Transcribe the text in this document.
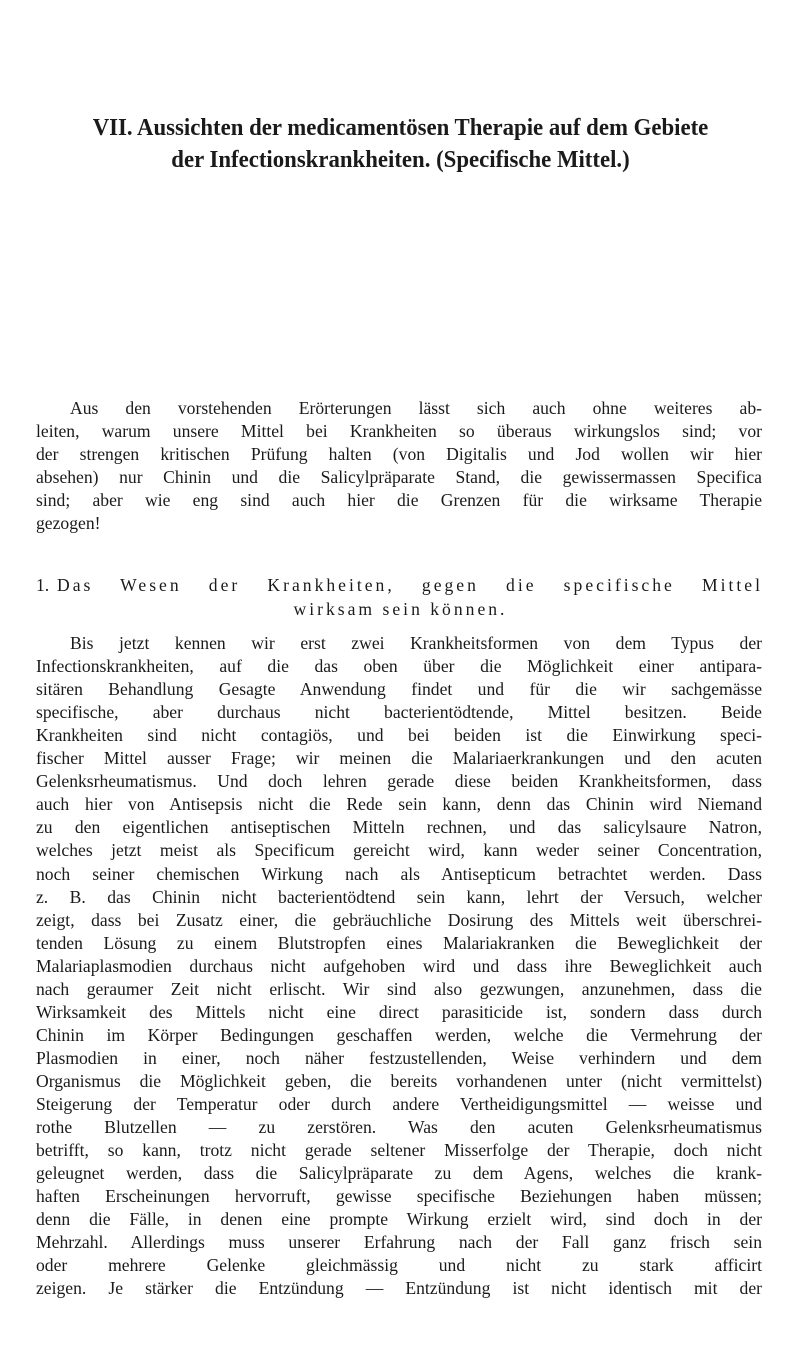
VII. Aussichten der medicamentösen Therapie auf dem Gebiete
der Infectionskrankheiten. (Specifische Mittel.)
Aus den vorstehenden Erörterungen lässt sich auch ohne weiteres ab-
leiten, warum unsere Mittel bei Krankheiten so überaus wirkungslos sind; vor
der strengen kritischen Prüfung halten (von Digitalis und Jod wollen wir hier
absehen) nur Chinin und die Salicylpräparate Stand, die gewissermassen Specifica
sind; aber wie eng sind auch hier die Grenzen für die wirksame Therapie
gezogen!
1. Das Wesen der Krankheiten, gegen die specifische Mittel
wirksam sein können.
Bis jetzt kennen wir erst zwei Krankheitsformen von dem Typus der
Infectionskrankheiten, auf die das oben über die Möglichkeit einer antipara-
sitären Behandlung Gesagte Anwendung findet und für die wir sachgemässe
specifische, aber durchaus nicht bacterientödtende, Mittel besitzen. Beide
Krankheiten sind nicht contagiös, und bei beiden ist die Einwirkung speci-
fischer Mittel ausser Frage; wir meinen die Malariaerkrankungen und den acuten
Gelenksrheumatismus. Und doch lehren gerade diese beiden Krankheitsformen, dass
auch hier von Antisepsis nicht die Rede sein kann, denn das Chinin wird Niemand
zu den eigentlichen antiseptischen Mitteln rechnen, und das salicylsaure Natron,
welches jetzt meist als Specificum gereicht wird, kann weder seiner Concentration,
noch seiner chemischen Wirkung nach als Antisepticum betrachtet werden. Dass
z. B. das Chinin nicht bacterientödtend sein kann, lehrt der Versuch, welcher
zeigt, dass bei Zusatz einer, die gebräuchliche Dosirung des Mittels weit überschrei-
tenden Lösung zu einem Blutstropfen eines Malariakranken die Beweglichkeit der
Malariaplasmodien durchaus nicht aufgehoben wird und dass ihre Beweglichkeit auch
nach geraumer Zeit nicht erlischt. Wir sind also gezwungen, anzunehmen, dass die
Wirksamkeit des Mittels nicht eine direct parasiticide ist, sondern dass durch
Chinin im Körper Bedingungen geschaffen werden, welche die Vermehrung der
Plasmodien in einer, noch näher festzustellenden, Weise verhindern und dem
Organismus die Möglichkeit geben, die bereits vorhandenen unter (nicht vermittelst)
Steigerung der Temperatur oder durch andere Vertheidigungsmittel — weisse und
rothe Blutzellen — zu zerstören. Was den acuten Gelenksrheumatismus
betrifft, so kann, trotz nicht gerade seltener Misserfolge der Therapie, doch nicht
geleugnet werden, dass die Salicylpräparate zu dem Agens, welches die krank-
haften Erscheinungen hervorruft, gewisse specifische Beziehungen haben müssen;
denn die Fälle, in denen eine prompte Wirkung erzielt wird, sind doch in der
Mehrzahl. Allerdings muss unserer Erfahrung nach der Fall ganz frisch sein
oder mehrere Gelenke gleichmässig und nicht zu stark afficirt
zeigen. Je stärker die Entzündung — Entzündung ist nicht identisch mit der
